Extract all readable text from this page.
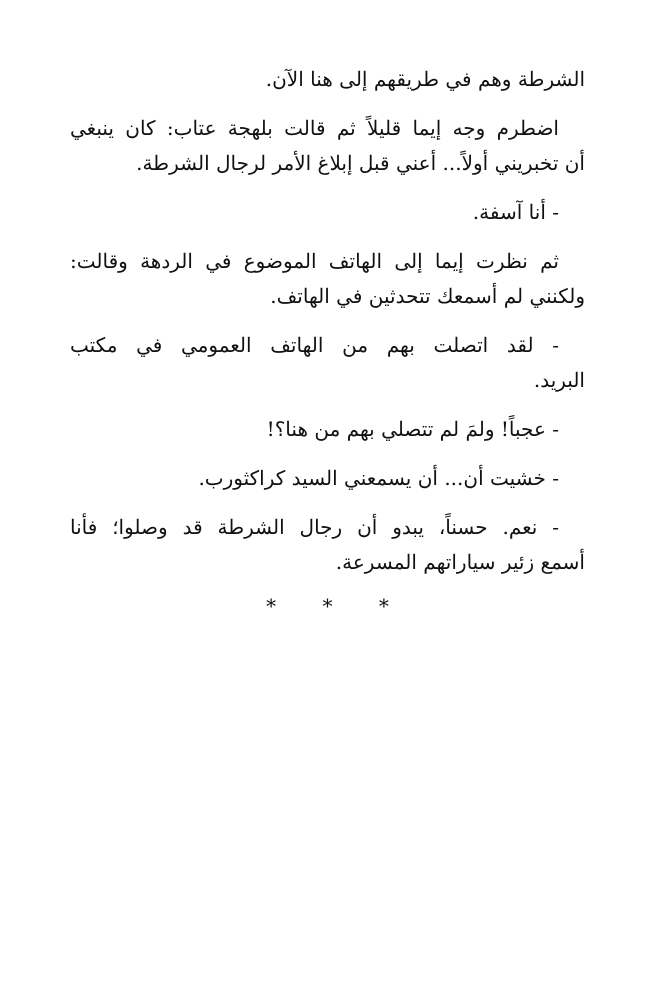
الشرطة وهم في طريقهم إلى هنا الآن.

اضطرم وجه إيما قليلاً ثم قالت بلهجة عتاب: كان ينبغي
أن تخبريني أولاً... أعني قبل إبلاغ الأمر لرجال الشرطة.

- أنا آسفة.

ثم نظرت إيما إلى الهاتف الموضوع في الردهة وقالت:
ولكنني لم أسمعك تتحدثين في الهاتف.

- لقد اتصلت بهم من الهاتف العمومي في مكتب
البريد.

- عجباً! ولمَ لم تتصلي بهم من هنا؟!

- خشيت أن... أن يسمعني السيد كراكثورب.

- نعم. حسناً، يبدو أن رجال الشرطة قد وصلوا؛ فأنا
أسمع زئير سياراتهم المسرعة.

* * *
